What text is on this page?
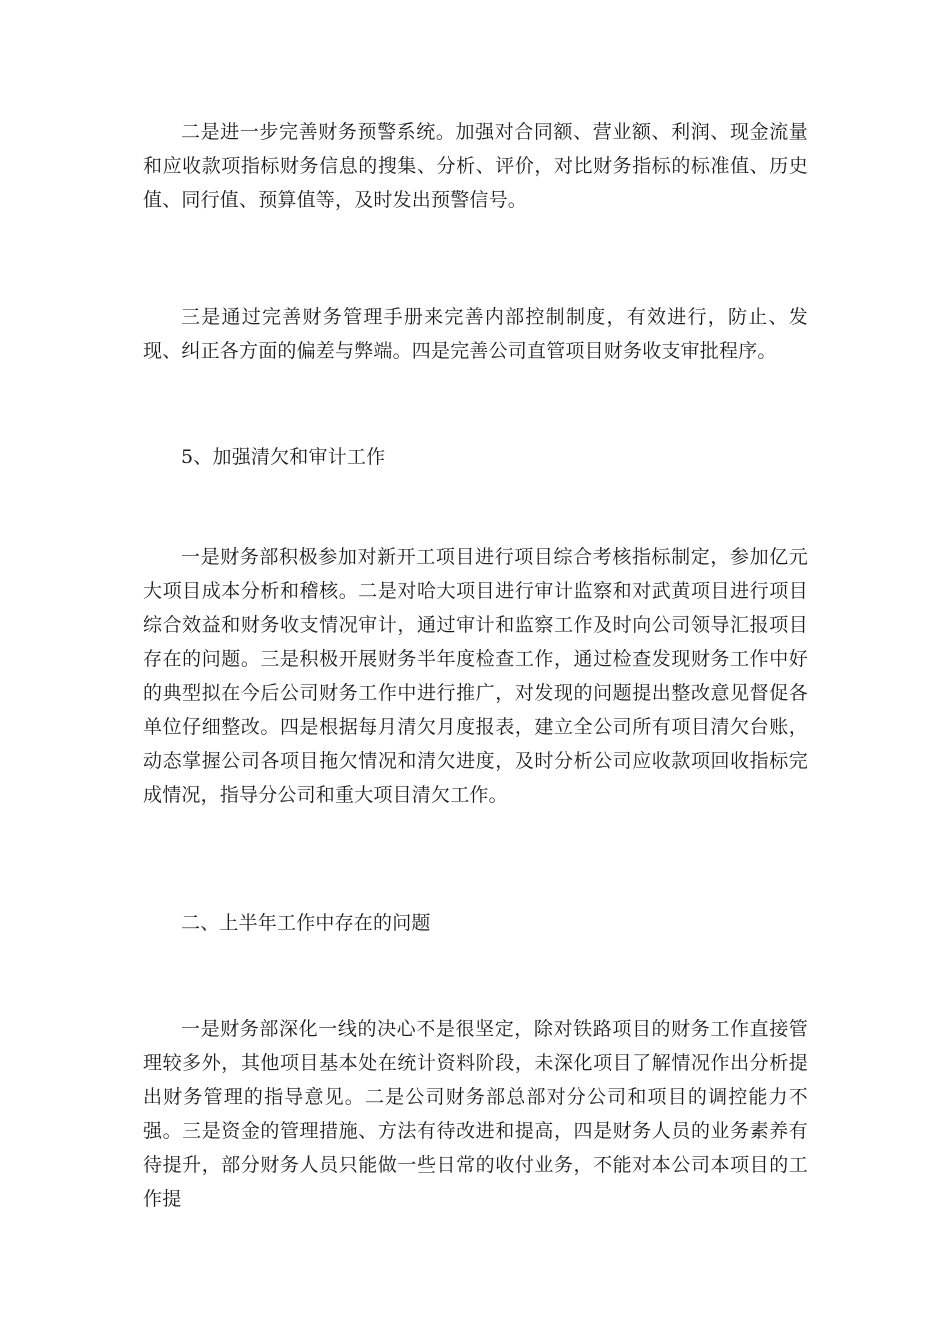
二是进一步完善财务预警系统。加强对合同额、营业额、利润、现金流量和应收款项指标财务信息的搜集、分析、评价，对比财务指标的标准值、历史值、同行值、预算值等，及时发出预警信号。

三是通过完善财务管理手册来完善内部控制制度，有效进行，防止、发现、纠正各方面的偏差与弊端。四是完善公司直管项目财务收支审批程序。

5、加强清欠和审计工作

一是财务部积极参加对新开工项目进行项目综合考核指标制定，参加亿元大项目成本分析和稽核。二是对哈大项目进行审计监察和对武黄项目进行项目综合效益和财务收支情况审计，通过审计和监察工作及时向公司领导汇报项目存在的问题。三是积极开展财务半年度检查工作，通过检查发现财务工作中好的典型拟在今后公司财务工作中进行推广，对发现的问题提出整改意见督促各单位仔细整改。四是根据每月清欠月度报表，建立全公司所有项目清欠台账，动态掌握公司各项目拖欠情况和清欠进度，及时分析公司应收款项回收指标完成情况，指导分公司和重大项目清欠工作。

二、上半年工作中存在的问题

一是财务部深化一线的决心不是很坚定，除对铁路项目的财务工作直接管理较多外，其他项目基本处在统计资料阶段，未深化项目了解情况作出分析提出财务管理的指导意见。二是公司财务部总部对分公司和项目的调控能力不强。三是资金的管理措施、方法有待改进和提高，四是财务人员的业务素养有待提升，部分财务人员只能做一些日常的收付业务，不能对本公司本项目的工作提
